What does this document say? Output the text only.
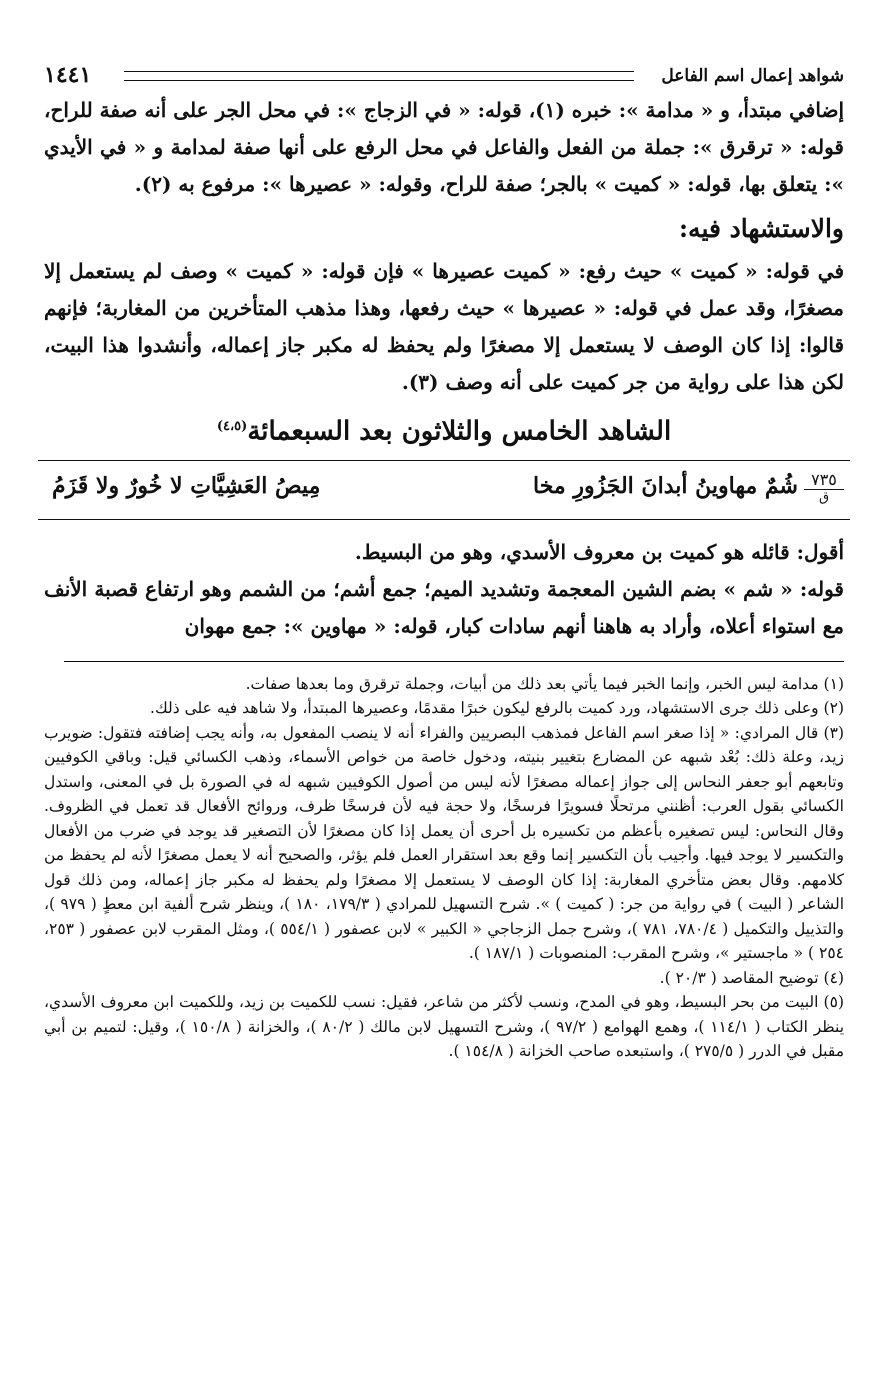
شواهد إعمال اسم الفاعل
١٤٤١

إضافي مبتدأ، و « مدامة »: خبره (١)، قوله: « في الزجاج »: في محل الجر على أنه صفة للراح، قوله: « ترقرق »: جملة من الفعل والفاعل في محل الرفع على أنها صفة لمدامة و « في الأيدي »: يتعلق بها، قوله: « كميت » بالجر؛ صفة للراح، وقوله: « عصيرها »: مرفوع به (٢).

والاستشهاد فيه:

في قوله: « كميت » حيث رفع: « كميت عصيرها » فإن قوله: « كميت » وصف لم يستعمل إلا مصغرًا، وقد عمل في قوله: « عصيرها » حيث رفعها، وهذا مذهب المتأخرين من المغاربة؛ فإنهم قالوا: إذا كان الوصف لا يستعمل إلا مصغرًا ولم يحفظ له مكبر جاز إعماله، وأنشدوا هذا البيت، لكن هذا على رواية من جر كميت على أنه وصف (٣).

الشاهد الخامس والثلاثون بعد السبعمائة$^{(٤،٥)}$
٧٣٥
ق
شُمٌ مهاوينُ أبدانَ الجَزُورِ مخا
مِيصُ العَشِيَّاتِ لا خُورٌ ولا قَزَمُ

أقول: قائله هو كميت بن معروف الأسدي، وهو من البسيط.

قوله: « شم » بضم الشين المعجمة وتشديد الميم؛ جمع أشم؛ من الشمم وهو ارتفاع قصبة الأنف مع استواء أعلاه، وأراد به هاهنا أنهم سادات كبار، قوله: « مهاوين »: جمع مهوان

(١) مدامة ليس الخبر، وإنما الخبر فيما يأتي بعد ذلك من أبيات، وجملة ترقرق وما بعدها صفات.

(٢) وعلى ذلك جرى الاستشهاد، ورد كميت بالرفع ليكون خبرًا مقدمًا، وعصيرها المبتدأ، ولا شاهد فيه على ذلك.

(٣) قال المرادي: « إذا صغر اسم الفاعل فمذهب البصريين والفراء أنه لا ينصب المفعول به، وأنه يجب إضافته فتقول: ضويرب زيد، وعلة ذلك: بُعْد شبهه عن المضارع بتغيير بنيته، ودخول خاصة من خواص الأسماء، وذهب الكسائي قيل: وباقي الكوفيين وتابعهم أبو جعفر النحاس إلى جواز إعماله مصغرًا لأنه ليس من أصول الكوفيين شبهه له في الصورة بل في المعنى، واستدل الكسائي بقول العرب: أظنني مرتحلًا فسويرًا فرسخًا، ولا حجة فيه لأن فرسخًا ظرف، وروائح الأفعال قد تعمل في الظروف. وقال النحاس: ليس تصغيره بأعظم من تكسيره بل أحرى أن يعمل إذا كان مصغرًا لأن التصغير قد يوجد في ضرب من الأفعال والتكسير لا يوجد فيها. وأجيب بأن التكسير إنما وقع بعد استقرار العمل فلم يؤثر، والصحيح أنه لا يعمل مصغرًا لأنه لم يحفظ من كلامهم. وقال بعض متأخري المغاربة: إذا كان الوصف لا يستعمل إلا مصغرًا ولم يحفظ له مكبر جاز إعماله، ومن ذلك قول الشاعر ( البيت ) في رواية من جر: ( كميت ) ». شرح التسهيل للمرادي ( ١٧٩/٣، ١٨٠ )، وينظر شرح ألفية ابن معطٍ ( ٩٧٩ )، والتذييل والتكميل ( ٧٨٠/٤، ٧٨١ )، وشرح جمل الزجاجي « الكبير » لابن عصفور ( ٥٥٤/١ )، ومثل المقرب لابن عصفور ( ٢٥٣، ٢٥٤ ) « ماجستير »، وشرح المقرب: المنصوبات ( ١٨٧/١ ).

(٤) توضيح المقاصد ( ٢٠/٣ ).

(٥) البيت من بحر البسيط، وهو في المدح، ونسب لأكثر من شاعر، فقيل: نسب للكميت بن زيد، وللكميت ابن معروف الأسدي، ينظر الكتاب ( ١١٤/١ )، وهمع الهوامع ( ٩٧/٢ )، وشرح التسهيل لابن مالك ( ٨٠/٢ )، والخزانة ( ١٥٠/٨ )، وقيل: لتميم بن أبي مقبل في الدرر ( ٢٧٥/٥ )، واستبعده صاحب الخزانة ( ١٥٤/٨ ).
